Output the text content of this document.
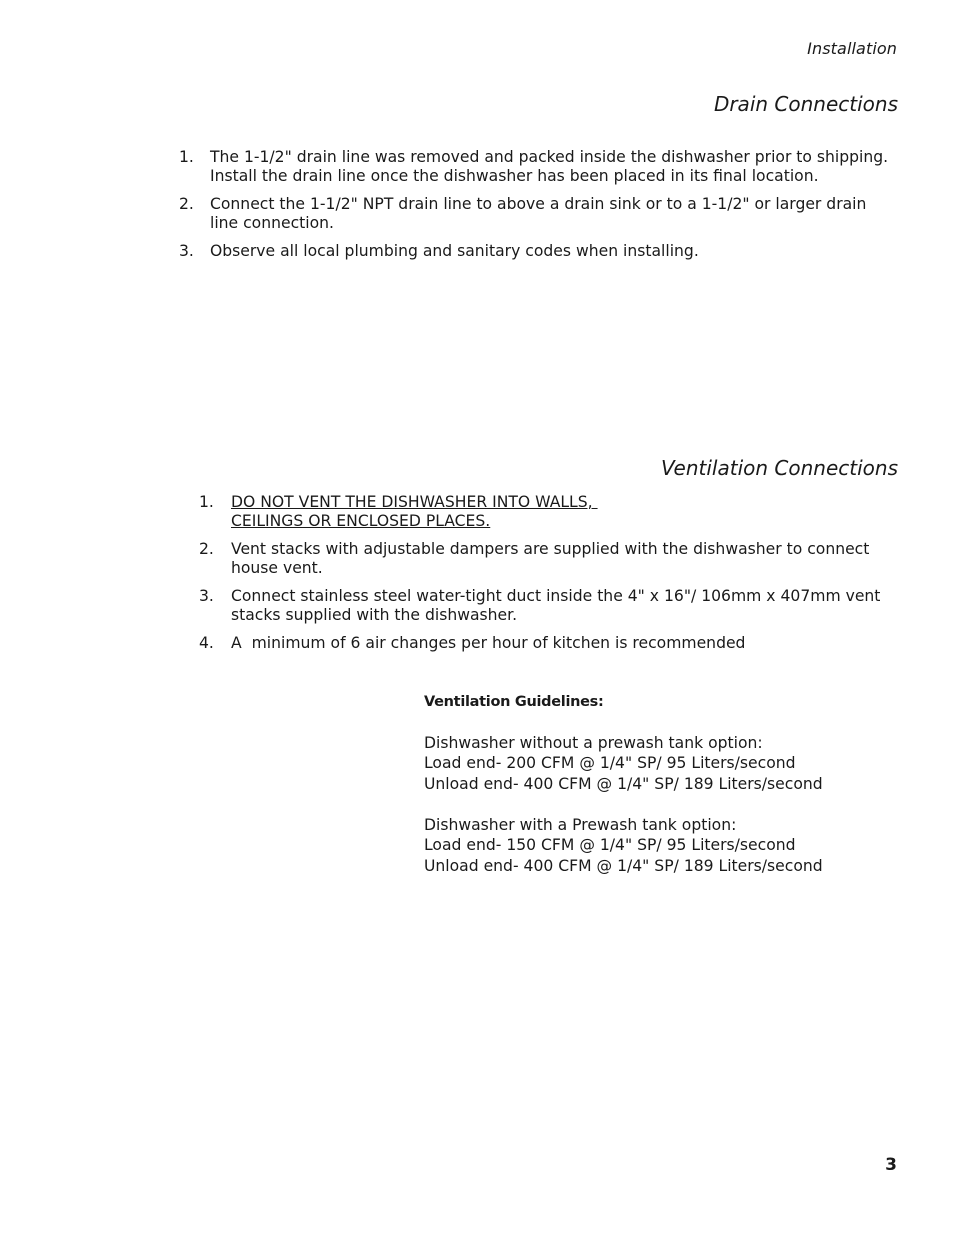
Installation
Drain Connections
1. The 1-1/2" drain line was removed and packed inside the dishwasher prior to shipping. Install the drain line once the dishwasher has been placed in its final location.
2. Connect the 1-1/2" NPT drain line to above a drain sink or to a 1-1/2" or larger drain line connection.
3. Observe all local plumbing and sanitary codes when installing.
Ventilation Connections
1. DO NOT VENT THE DISHWASHER INTO WALLS,
CEILINGS OR ENCLOSED PLACES.
2. Vent stacks with adjustable dampers are supplied with the dishwasher to connect house vent.
3. Connect stainless steel water-tight duct inside the 4" x 16"/ 106mm x 407mm vent stacks supplied with the dishwasher.
4. A  minimum of 6 air changes per hour of kitchen is recommended
Ventilation Guidelines:
Dishwasher without a prewash tank option:
Load end- 200 CFM @ 1/4" SP/ 95 Liters/second
Unload end- 400 CFM @ 1/4" SP/ 189 Liters/second
Dishwasher with a Prewash tank option:
Load end- 150 CFM @ 1/4" SP/ 95 Liters/second
Unload end- 400 CFM @ 1/4" SP/ 189 Liters/second
3
